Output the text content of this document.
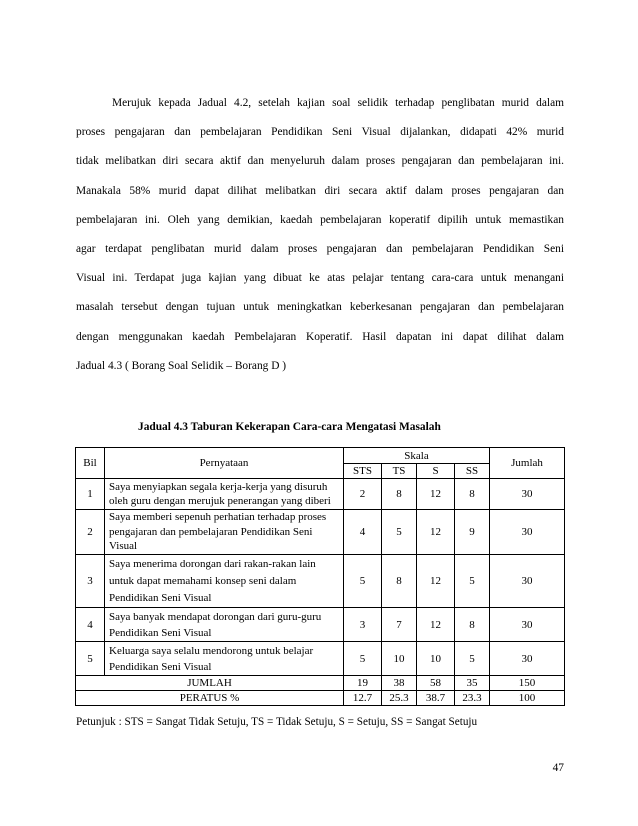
Merujuk kepada Jadual 4.2, setelah kajian soal selidik terhadap penglibatan murid dalam
proses pengajaran dan pembelajaran Pendidikan Seni Visual dijalankan, didapati 42% murid
tidak melibatkan diri secara aktif dan menyeluruh dalam proses pengajaran dan pembelajaran ini.
Manakala 58% murid dapat dilihat melibatkan diri secara aktif dalam proses pengajaran dan
pembelajaran ini. Oleh yang demikian, kaedah pembelajaran koperatif dipilih untuk memastikan
agar terdapat penglibatan murid dalam proses pengajaran dan pembelajaran Pendidikan Seni
Visual ini. Terdapat juga kajian yang dibuat ke atas pelajar tentang cara-cara untuk menangani
masalah tersebut dengan tujuan untuk meningkatkan keberkesanan pengajaran dan pembelajaran
dengan menggunakan kaedah Pembelajaran Koperatif. Hasil dapatan ini dapat dilihat dalam
Jadual 4.3 ( Borang Soal Selidik – Borang D )
Jadual 4.3 Taburan Kekerapan Cara-cara Mengatasi Masalah
Bil	Pernyataan	Skala				Jumlah
		STS	TS	S	SS	
1	Saya menyiapkan segala kerja-kerja yang disuruh
oleh guru dengan merujuk penerangan yang diberi	2	8	12	8	30
2	Saya memberi sepenuh perhatian terhadap proses
pengajaran dan pembelajaran Pendidikan Seni
Visual	4	5	12	9	30
3	Saya menerima dorongan dari rakan-rakan lain
untuk dapat memahami konsep seni dalam
Pendidikan Seni Visual	5	8	12	5	30
4	Saya banyak mendapat dorongan dari guru-guru
Pendidikan Seni Visual	3	7	12	8	30
5	Keluarga saya selalu mendorong untuk belajar
Pendidikan Seni Visual	5	10	10	5	30
JUMLAH		19	38	58	35	150
PERATUS %		12.7	25.3	38.7	23.3	100
Petunjuk : STS = Sangat Tidak Setuju, TS = Tidak Setuju, S = Setuju, SS = Sangat Setuju
47
